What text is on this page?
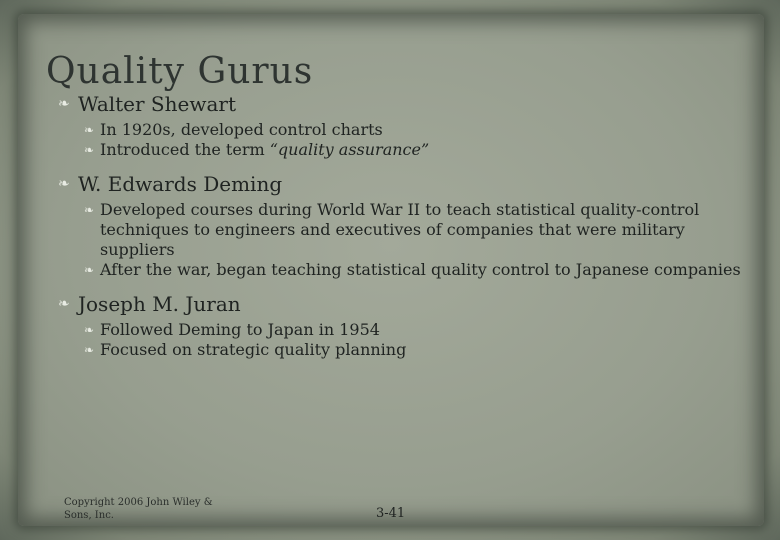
Quality Gurus
❧ Walter Shewart
❧ In 1920s, developed control charts
❧ Introduced the term “quality assurance”
❧ W. Edwards Deming
❧ Developed courses during World War II to teach statistical quality-control techniques to engineers and executives of companies that were military suppliers
❧ After the war, began teaching statistical quality control to Japanese companies
❧ Joseph M. Juran
❧ Followed Deming to Japan in 1954
❧ Focused on strategic quality planning
Copyright 2006 John Wiley & Sons, Inc.	3-41
